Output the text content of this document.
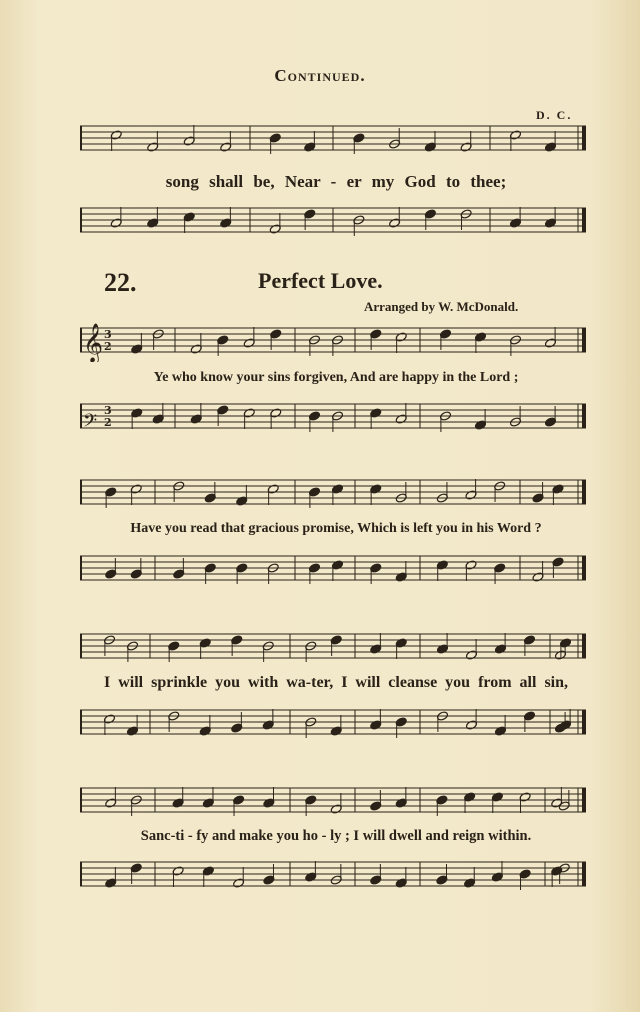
Continued.
D. C.
song shall be, Near - er my God to thee;
22.	Perfect Love.
Arranged by W. McDonald.
𝄞 3
2
Ye who know your sins forgiven, And are happy in the Lord ;
𝄢
3
2
Have you read that gracious promise, Which is left you in his Word ?
I will sprinkle you with wa-ter, I will cleanse you from all sin,
Sanc-ti - fy and make you ho - ly ; I will dwell and reign within.
